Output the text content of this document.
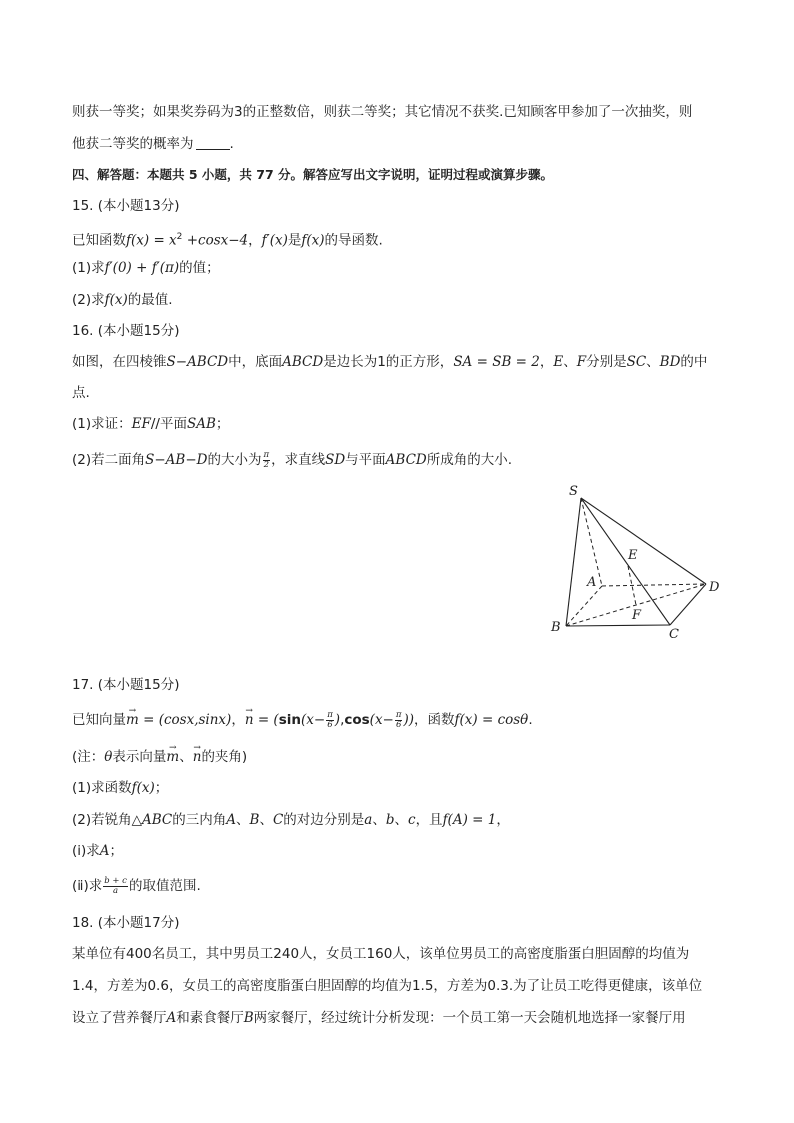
则获一等奖；如果奖券码为3的正整数倍，则获二等奖；其它情况不获奖.已知顾客甲参加了一次抽奖，则
他获二等奖的概率为	.
四、解答题：本题共 5 小题，共 77 分。解答应写出文字说明，证明过程或演算步骤。
15. (本小题13分)
已知函数$f(x) = x^2 +\cos x-4$，f′(x)是f(x)的导函数.
(1)求f′(0) + f′(π)的值；
(2)求f(x)的最值.
16. (本小题15分)
如图，在四棱锥S−ABCD中，底面ABCD是边长为1的正方形，SA = SB = 2，E、F分别是SC、BD的中
点.
(1)求证：EF//平面SAB；
(2)若二面角S−AB−D的大小为 $\frac{\pi}{2}$ ，求直线SD与平面ABCD所成角的大小.
S
E
A	D
F
B	C
17. (本小题15分)
已知向量→ m = (cosx,sinx)，→ $n = (\sin(x- \frac{\pi}{6} ),\cos(x- \frac{\pi}{6}$ ))，函数f(x) = cosθ.
(注：θ表示向量→ m、→ n的夹角)
(1)求函数f(x)；
(2)若锐角△ABC的三内角A、B、C的对边分别是a、b、c，且f(A) = 1，
(i)求A；
(ⅱ)求 $\frac{b + c}{a}$ 的取值范围.
18. (本小题17分)
某单位有400名员工，其中男员工240人，女员工160人，该单位男员工的高密度脂蛋白胆固醇的均值为
1.4，方差为0.6，女员工的高密度脂蛋白胆固醇的均值为1.5，方差为0.3.为了让员工吃得更健康，该单位
设立了营养餐厅A和素食餐厅B两家餐厅，经过统计分析发现：一个员工第一天会随机地选择一家餐厅用
